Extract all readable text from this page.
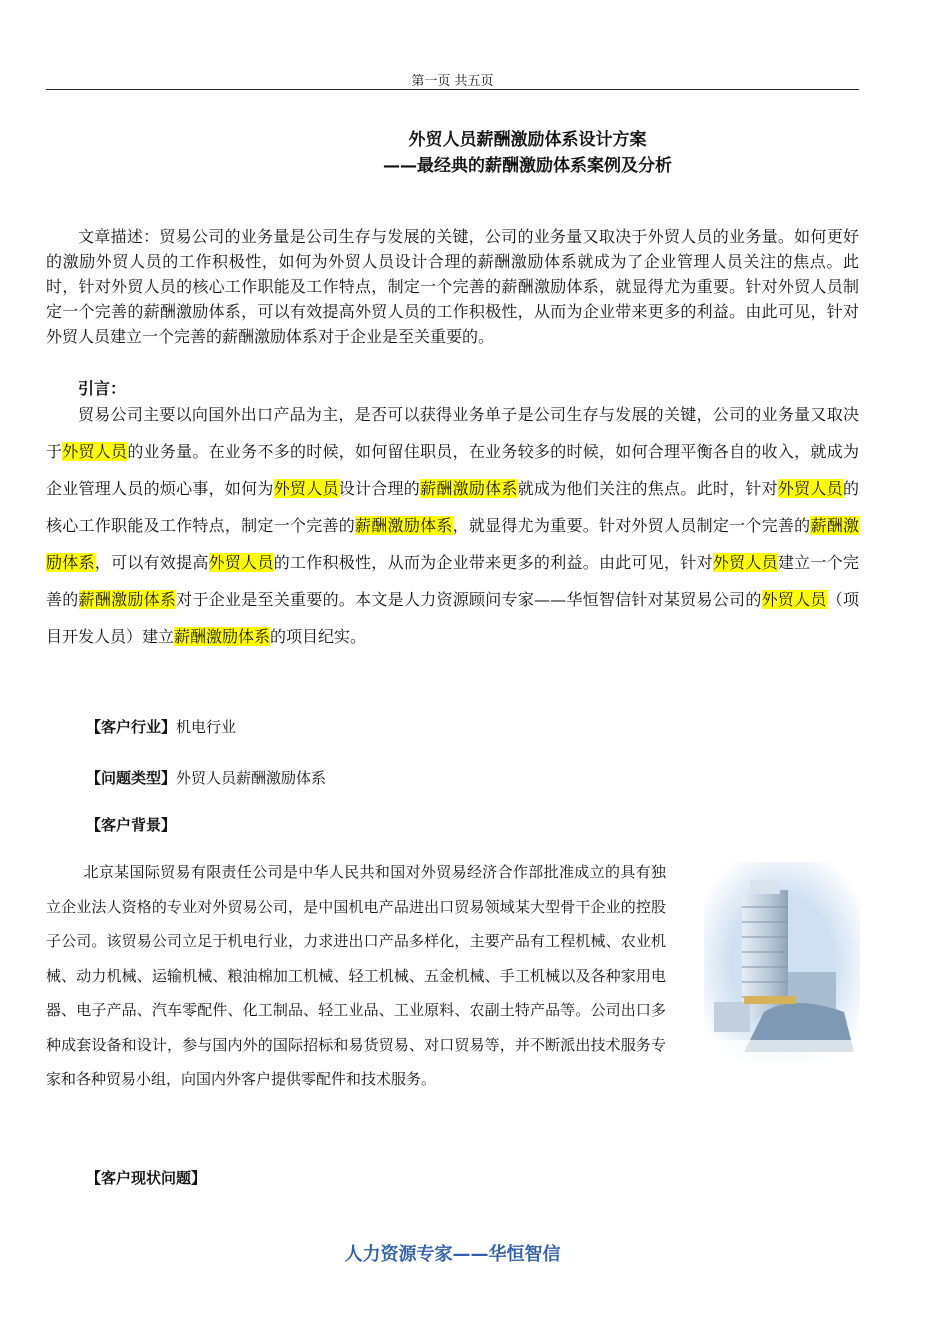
第一页 共五页
外贸人员薪酬激励体系设计方案
——最经典的薪酬激励体系案例及分析
文章描述：贸易公司的业务量是公司生存与发展的关键，公司的业务量又取决于外贸人员的业务量。如何更好的激励外贸人员的工作积极性，如何为外贸人员设计合理的薪酬激励体系就成为了企业管理人员关注的焦点。此时，针对外贸人员的核心工作职能及工作特点，制定一个完善的薪酬激励体系，就显得尤为重要。针对外贸人员制定一个完善的薪酬激励体系，可以有效提高外贸人员的工作积极性，从而为企业带来更多的利益。由此可见，针对外贸人员建立一个完善的薪酬激励体系对于企业是至关重要的。
引言：
贸易公司主要以向国外出口产品为主，是否可以获得业务单子是公司生存与发展的关键，公司的业务量又取决于外贸人员的业务量。在业务不多的时候，如何留住职员，在业务较多的时候，如何合理平衡各自的收入，就成为企业管理人员的烦心事，如何为外贸人员设计合理的薪酬激励体系就成为他们关注的焦点。此时，针对外贸人员的核心工作职能及工作特点，制定一个完善的薪酬激励体系，就显得尤为重要。针对外贸人员制定一个完善的薪酬激励体系，可以有效提高外贸人员的工作积极性，从而为企业带来更多的利益。由此可见，针对外贸人员建立一个完善的薪酬激励体系对于企业是至关重要的。本文是人力资源顾问专家——华恒智信针对某贸易公司的外贸人员（项目开发人员）建立薪酬激励体系的项目纪实。
【客户行业】机电行业
【问题类型】外贸人员薪酬激励体系
【客户背景】
北京某国际贸易有限责任公司是中华人民共和国对外贸易经济合作部批准成立的具有独立企业法人资格的专业对外贸易公司，是中国机电产品进出口贸易领域某大型骨干企业的控股子公司。该贸易公司立足于机电行业，力求进出口产品多样化，主要产品有工程机械、农业机械、动力机械、运输机械、粮油棉加工机械、轻工机械、五金机械、手工机械以及各种家用电器、电子产品、汽车零配件、化工制品、轻工业品、工业原料、农副土特产品等。公司出口多种成套设备和设计，参与国内外的国际招标和易货贸易、对口贸易等，并不断派出技术服务专家和各种贸易小组，向国内外客户提供零配件和技术服务。
【客户现状问题】
人力资源专家——华恒智信
